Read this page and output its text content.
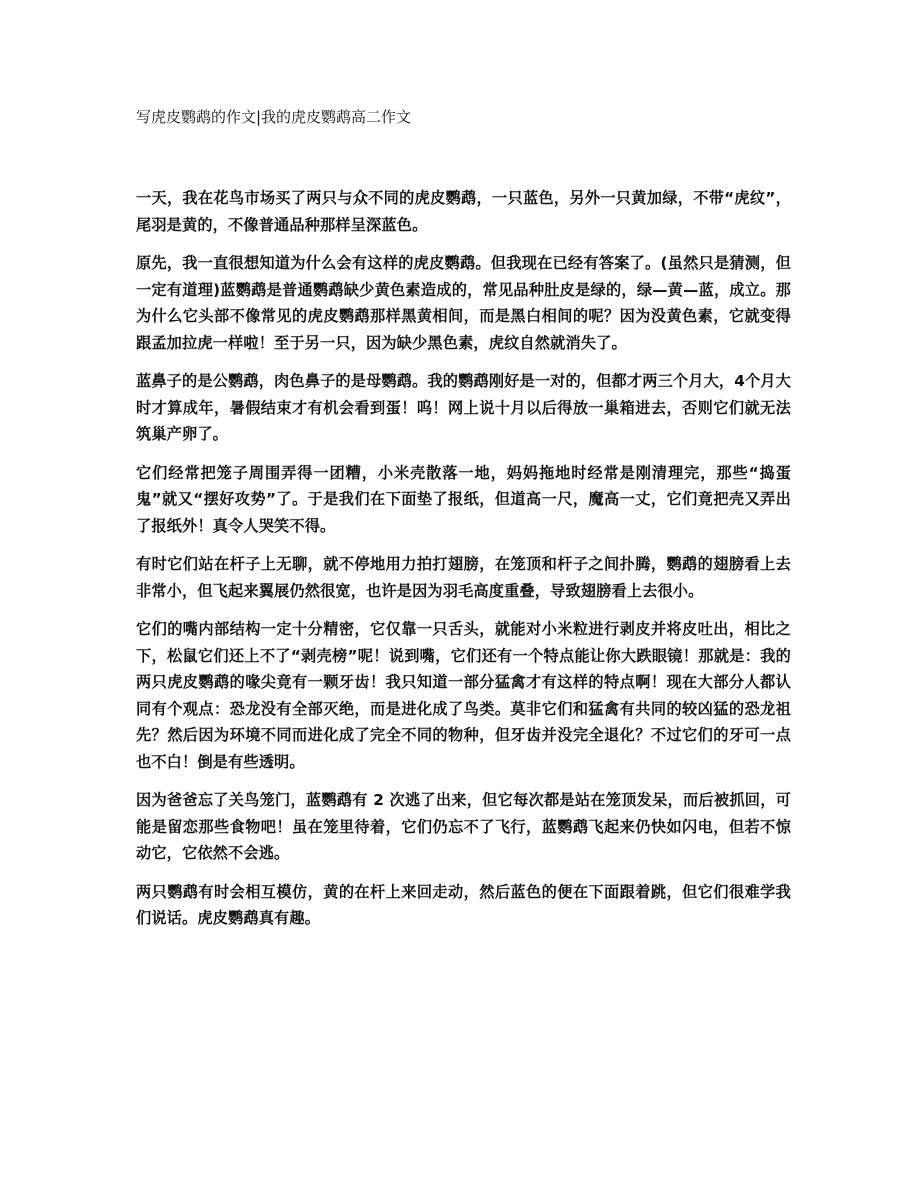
写虎皮鹦鹉的作文|我的虎皮鹦鹉高二作文

一天，我在花鸟市场买了两只与众不同的虎皮鹦鹉，一只蓝色，另外一只黄加绿，不带“虎纹”，尾羽是黄的，不像普通品种那样呈深蓝色。

原先，我一直很想知道为什么会有这样的虎皮鹦鹉。但我现在已经有答案了。(虽然只是猜测，但一定有道理)蓝鹦鹉是普通鹦鹉缺少黄色素造成的，常见品种肚皮是绿的，绿—黄—蓝，成立。那为什么它头部不像常见的虎皮鹦鹉那样黑黄相间，而是黑白相间的呢？因为没黄色素，它就变得跟孟加拉虎一样啦！至于另一只，因为缺少黑色素，虎纹自然就消失了。

蓝鼻子的是公鹦鹉，肉色鼻子的是母鹦鹉。我的鹦鹉刚好是一对的，但都才两三个月大，4个月大时才算成年，暑假结束才有机会看到蛋！呜！网上说十月以后得放一巢箱进去，否则它们就无法筑巢产卵了。

它们经常把笼子周围弄得一团糟，小米壳散落一地，妈妈拖地时经常是刚清理完，那些“捣蛋鬼”就又“摆好攻势”了。于是我们在下面垫了报纸，但道高一尺，魔高一丈，它们竟把壳又弄出了报纸外！真令人哭笑不得。

有时它们站在杆子上无聊，就不停地用力拍打翅膀，在笼顶和杆子之间扑腾，鹦鹉的翅膀看上去非常小，但飞起来翼展仍然很宽，也许是因为羽毛高度重叠，导致翅膀看上去很小。

它们的嘴内部结构一定十分精密，它仅靠一只舌头，就能对小米粒进行剥皮并将皮吐出，相比之下，松鼠它们还上不了“剥壳榜”呢！说到嘴，它们还有一个特点能让你大跌眼镜！那就是：我的两只虎皮鹦鹉的喙尖竟有一颗牙齿！我只知道一部分猛禽才有这样的特点啊！现在大部分人都认同有个观点：恐龙没有全部灭绝，而是进化成了鸟类。莫非它们和猛禽有共同的较凶猛的恐龙祖先？然后因为环境不同而进化成了完全不同的物种，但牙齿并没完全退化？不过它们的牙可一点也不白！倒是有些透明。

因为爸爸忘了关鸟笼门，蓝鹦鹉有 2 次逃了出来，但它每次都是站在笼顶发呆，而后被抓回，可能是留恋那些食物吧！虽在笼里待着，它们仍忘不了飞行，蓝鹦鹉飞起来仍快如闪电，但若不惊动它，它依然不会逃。

两只鹦鹉有时会相互模仿，黄的在杆上来回走动，然后蓝色的便在下面跟着跳，但它们很难学我们说话。虎皮鹦鹉真有趣。
